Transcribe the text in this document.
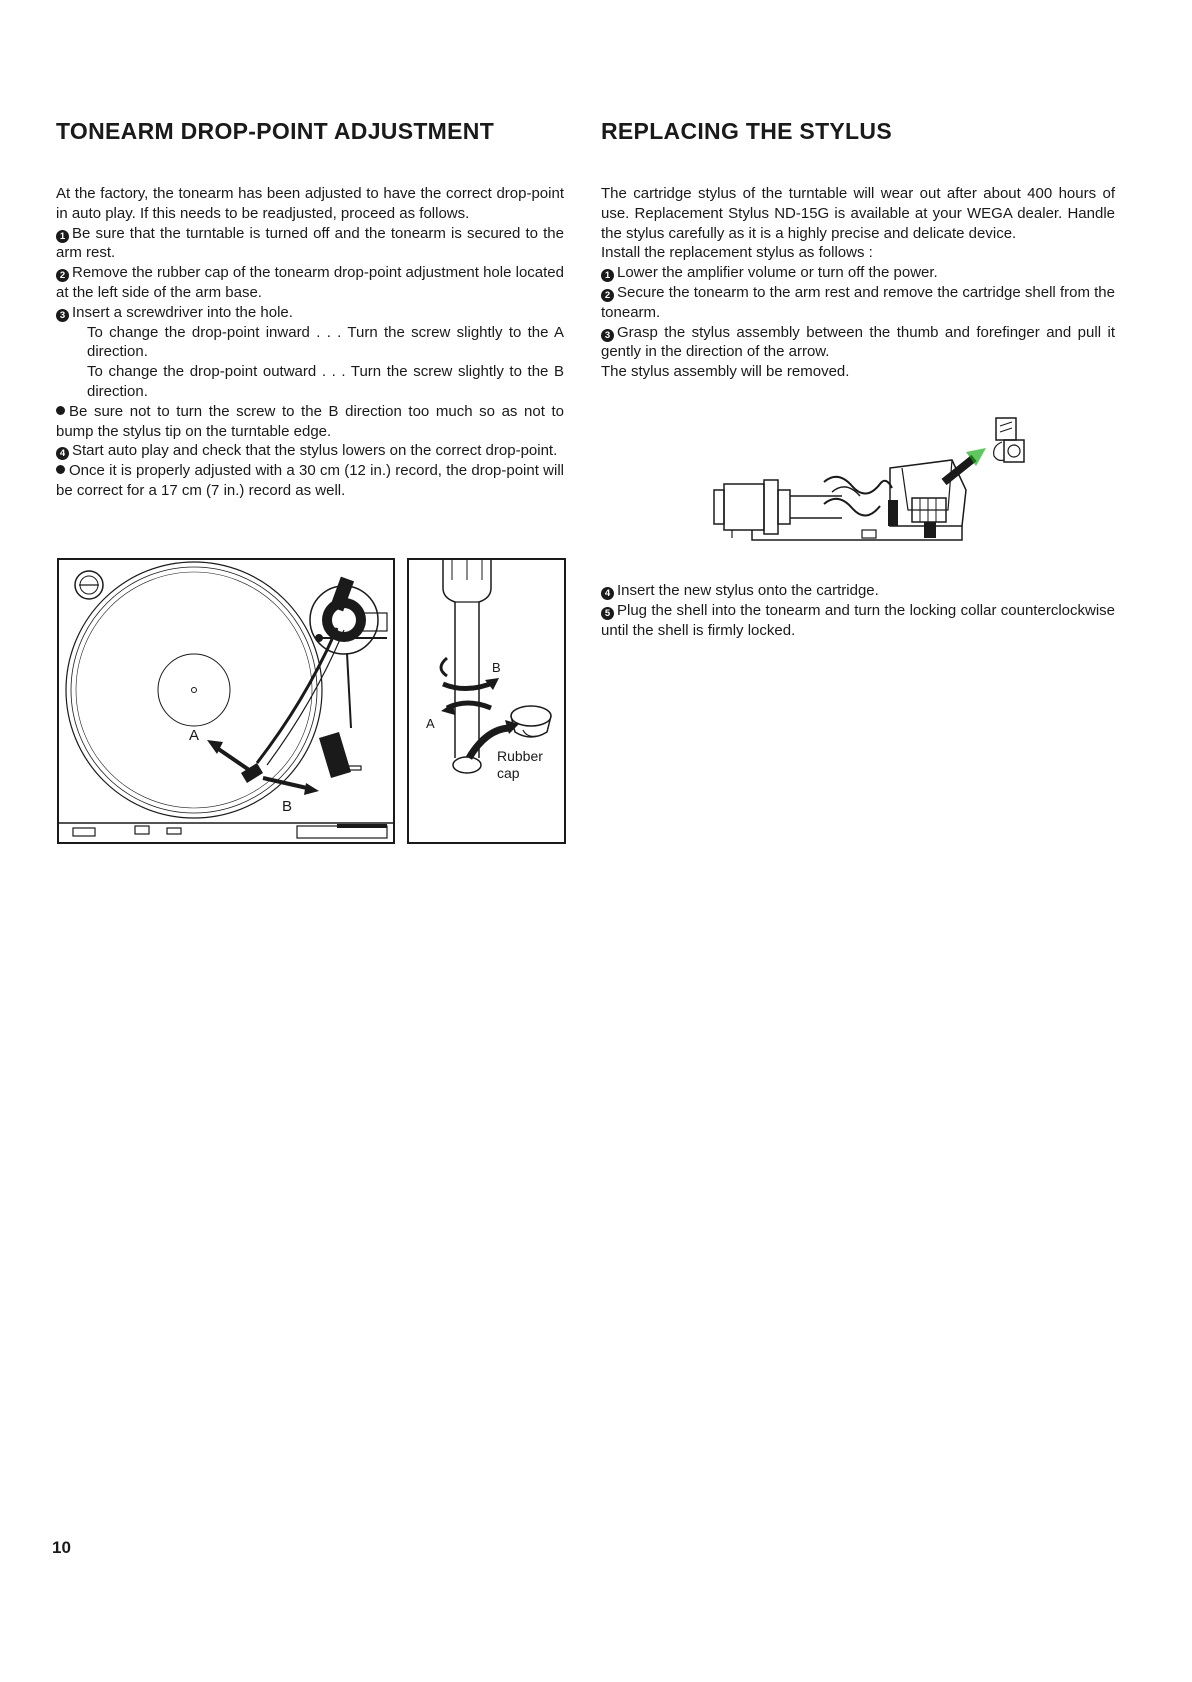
TONEARM DROP-POINT ADJUSTMENT

At the factory, the tonearm has been adjusted to have the correct drop-point in auto play. If this needs to be readjusted, proceed as follows.

1 Be sure that the turntable is turned off and the tonearm is secured to the arm rest.

2 Remove the rubber cap of the tonearm drop-point adjustment hole located at the left side of the arm base.

3 Insert a screwdriver into the hole.

To change the drop-point inward . . . Turn the screw slightly to the A direction.

To change the drop-point outward . . . Turn the screw slightly to the B direction.

Be sure not to turn the screw to the B direction too much so as not to bump the stylus tip on the turntable edge.

4 Start auto play and check that the stylus lowers on the correct drop-point.

Once it is properly adjusted with a 30 cm (12 in.) record, the drop-point will be correct for a 17 cm (7 in.) record as well.

A
B
A
B
Rubber
cap
REPLACING THE STYLUS

The cartridge stylus of the turntable will wear out after about 400 hours of use. Replacement Stylus ND-15G is available at your WEGA dealer. Handle the stylus carefully as it is a highly precise and delicate device.

Install the replacement stylus as follows :

1 Lower the amplifier volume or turn off the power.

2 Secure the tonearm to the arm rest and remove the cartridge shell from the tonearm.

3 Grasp the stylus assembly between the thumb and forefinger and pull it gently in the direction of the arrow.

The stylus assembly will be removed.

4 Insert the new stylus onto the cartridge.

5 Plug the shell into the tonearm and turn the locking collar counterclockwise until the shell is firmly locked.

10
